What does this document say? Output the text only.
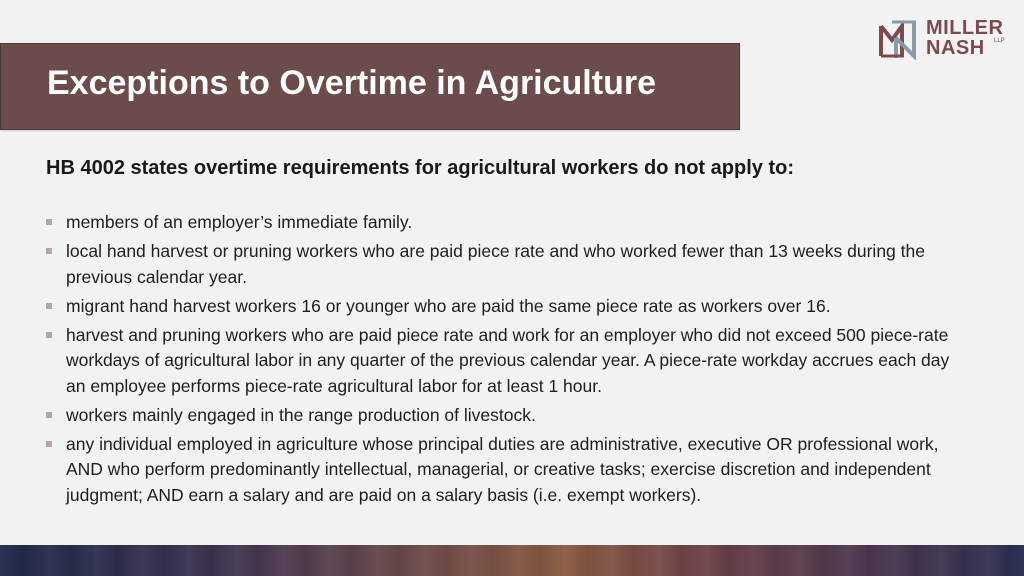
MILLER
NASH LLP
Exceptions to Overtime in Agriculture
HB 4002 states overtime requirements for agricultural workers do not apply to:
members of an employer’s immediate family.
local hand harvest or pruning workers who are paid piece rate and who worked fewer than 13 weeks during the previous calendar year.
migrant hand harvest workers 16 or younger who are paid the same piece rate as workers over 16.
harvest and pruning workers who are paid piece rate and work for an employer who did not exceed 500 piece-rate workdays of agricultural labor in any quarter of the previous calendar year. A piece-rate workday accrues each day an employee performs piece-rate agricultural labor for at least 1 hour.
workers mainly engaged in the range production of livestock.
any individual employed in agriculture whose principal duties are administrative, executive OR professional work, AND who perform predominantly intellectual, managerial, or creative tasks; exercise discretion and independent judgment; AND earn a salary and are paid on a salary basis (i.e. exempt workers).
